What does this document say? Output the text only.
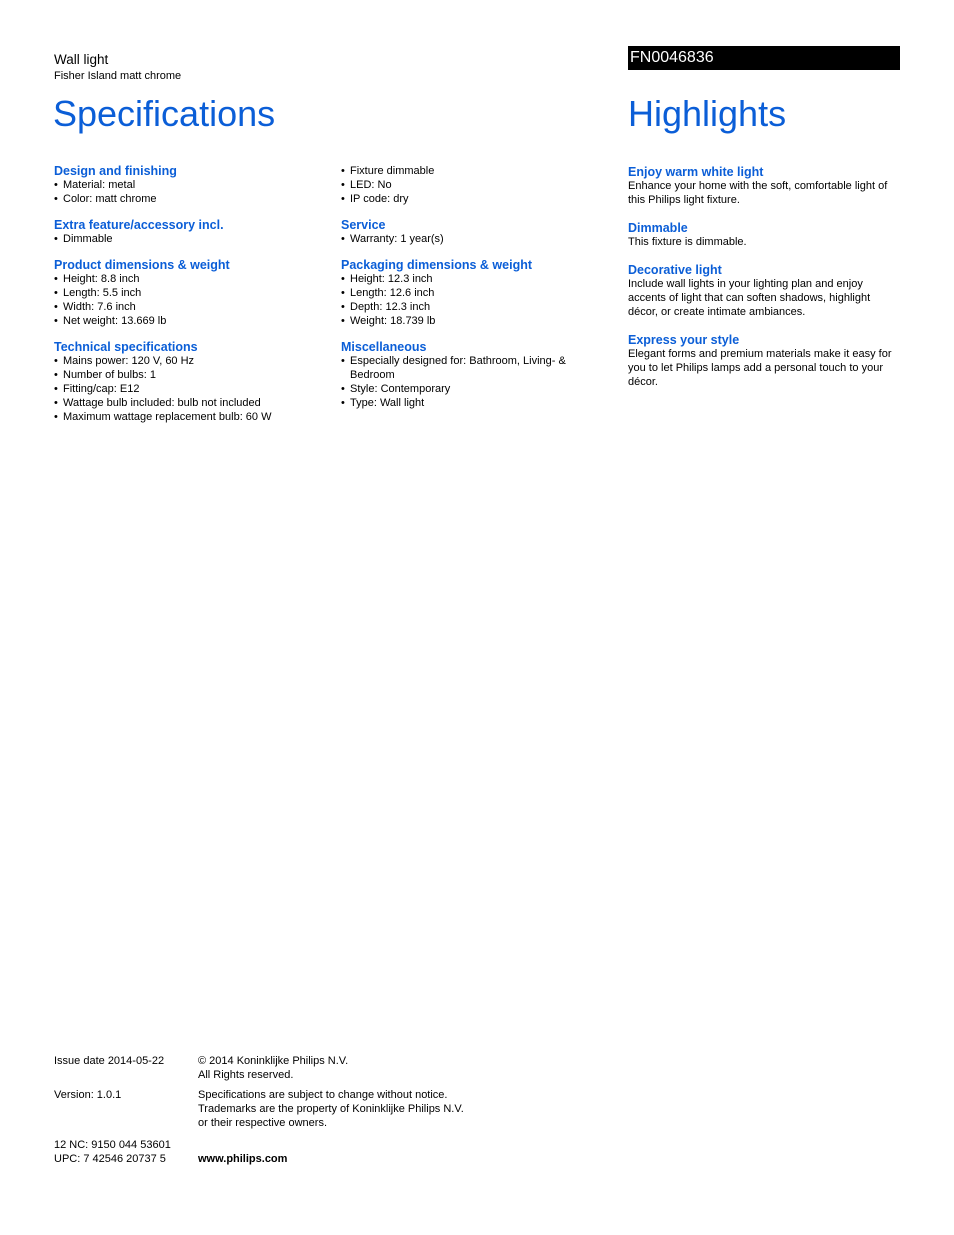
Wall light
Fisher Island matt chrome
FN0046836
Specifications	Highlights
Design and finishing
• Material: metal
• Color: matt chrome
Extra feature/accessory incl.
• Dimmable
Product dimensions & weight
• Height: 8.8 inch
• Length: 5.5 inch
• Width: 7.6 inch
• Net weight: 13.669 lb
Technical specifications
• Mains power: 120 V, 60 Hz
• Number of bulbs: 1
• Fitting/cap: E12
• Wattage bulb included: bulb not included
• Maximum wattage replacement bulb: 60 W
• Fixture dimmable
• LED: No
• IP code: dry
Service
• Warranty: 1 year(s)
Packaging dimensions & weight
• Height: 12.3 inch
• Length: 12.6 inch
• Depth: 12.3 inch
• Weight: 18.739 lb
Miscellaneous
• Especially designed for: Bathroom, Living- & Bedroom
• Style: Contemporary
• Type: Wall light
Enjoy warm white light

Enhance your home with the soft, comfortable light of this Philips light fixture.

Dimmable

This fixture is dimmable.

Decorative light

Include wall lights in your lighting plan and enjoy accents of light that can soften shadows, highlight décor, or create intimate ambiances.

Express your style

Elegant forms and premium materials make it easy for you to let Philips lamps add a personal touch to your décor.

Issue date 2014-05-22	© 2014 Koninklijke Philips N.V.
All Rights reserved.
Version: 1.0.1	Specifications are subject to change without notice.
Trademarks are the property of Koninklijke Philips N.V.
or their respective owners.
12 NC: 9150 044 53601
UPC: 7 42546 20737 5	www.philips.com
